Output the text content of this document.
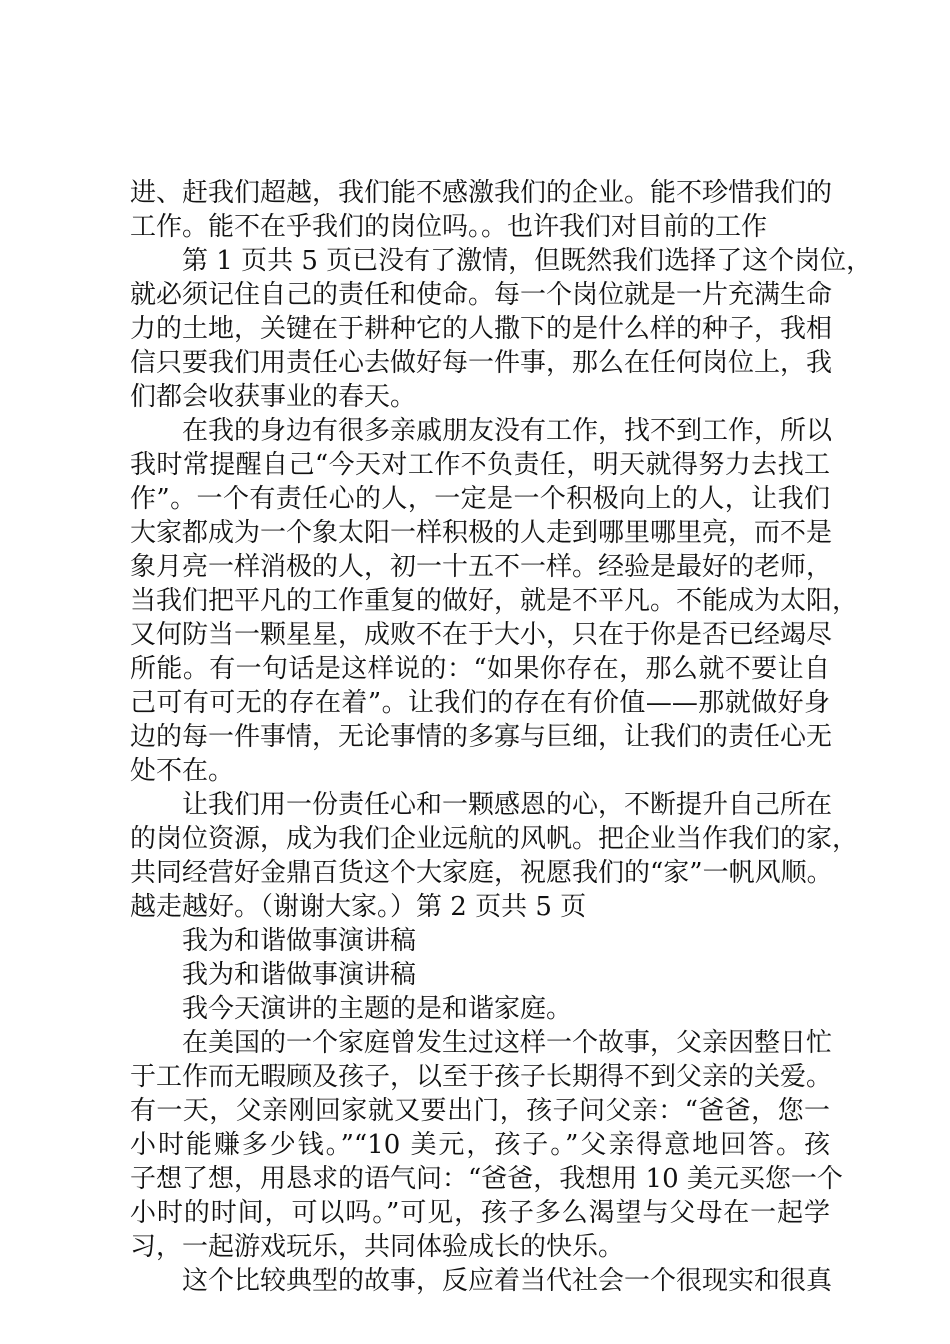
进、赶我们超越，我们能不感激我们的企业。能不珍惜我们的
工作。能不在乎我们的岗位吗。。也许我们对目前的工作
第 1 页共 5 页已没有了激情，但既然我们选择了这个岗位，
就必须记住自己的责任和使命。每一个岗位就是一片充满生命
力的土地，关键在于耕种它的人撒下的是什么样的种子，我相
信只要我们用责任心去做好每一件事，那么在任何岗位上，我
们都会收获事业的春天。
在我的身边有很多亲戚朋友没有工作，找不到工作，所以
我时常提醒自己“今天对工作不负责任，明天就得努力去找工
作”。一个有责任心的人，一定是一个积极向上的人，让我们
大家都成为一个象太阳一样积极的人走到哪里哪里亮，而不是
象月亮一样消极的人，初一十五不一样。经验是最好的老师，
当我们把平凡的工作重复的做好，就是不平凡。不能成为太阳，
又何防当一颗星星，成败不在于大小，只在于你是否已经竭尽
所能。有一句话是这样说的：“如果你存在，那么就不要让自
己可有可无的存在着”。让我们的存在有价值——那就做好身
边的每一件事情，无论事情的多寡与巨细，让我们的责任心无
处不在。
让我们用一份责任心和一颗感恩的心，不断提升自己所在
的岗位资源，成为我们企业远航的风帆。把企业当作我们的家，
共同经营好金鼎百货这个大家庭，祝愿我们的“家”一帆风顺。
越走越好。（谢谢大家。）第 2 页共 5 页
我为和谐做事演讲稿
我为和谐做事演讲稿
我今天演讲的主题的是和谐家庭。
在美国的一个家庭曾发生过这样一个故事，父亲因整日忙
于工作而无暇顾及孩子，以至于孩子长期得不到父亲的关爱。
有一天，父亲刚回家就又要出门，孩子问父亲：“爸爸，您一
小时能赚多少钱。”“10 美元，孩子。”父亲得意地回答。孩
子想了想，用恳求的语气问：“爸爸，我想用 10 美元买您一个
小时的时间，可以吗。”可见，孩子多么渴望与父母在一起学
习，一起游戏玩乐，共同体验成长的快乐。
这个比较典型的故事，反应着当代社会一个很现实和很真
